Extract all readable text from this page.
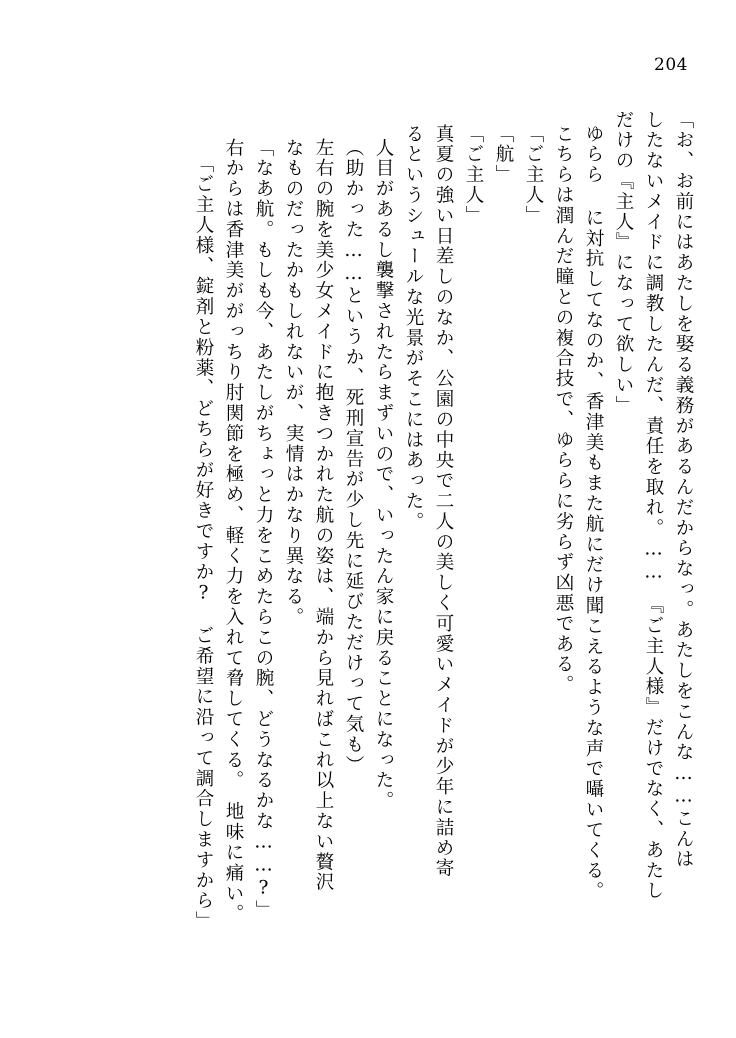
204
「お、お前にはあたしを娶る義務があるんだからなっ。あたしをこんな……こんは
したないメイドに調教したんだ、責任を取れ。……　『ご主人様』だけでなく、あたし
だけの『主人』になって欲しい」
ゆらら に対抗してなのか、香津美もまた航にだけ聞こえるような声で囁いてくる。
こちらは潤んだ瞳との複合技で、ゆららに劣らず凶悪である。
「ご主人」
「航」
「ご主人」
真夏の強い日差しのなか、公園の中央で二人の美しく可愛いメイドが少年に詰め寄
るというシュールな光景がそこにはあった。
人目があるし襲撃されたらまずいので、いったん家に戻ることになった。
（助かった……というか、死刑宣告が少し先に延びただけって気も）
左右の腕を美少女メイドに抱きつかれた航の姿は、端から見ればこれ以上ない贅沢
なものだったかもしれないが、実情はかなり異なる。
「なあ航。もしも今、あたしがちょっと力をこめたらこの腕、どうなるかな……?」
右からは香津美ががっちり肘関節を極め、軽く力を入れて脅してくる。　地味に痛い。
「ご主人様、錠剤と粉薬、どちらが好きですか?　ご希望に沿って調合しますから」
